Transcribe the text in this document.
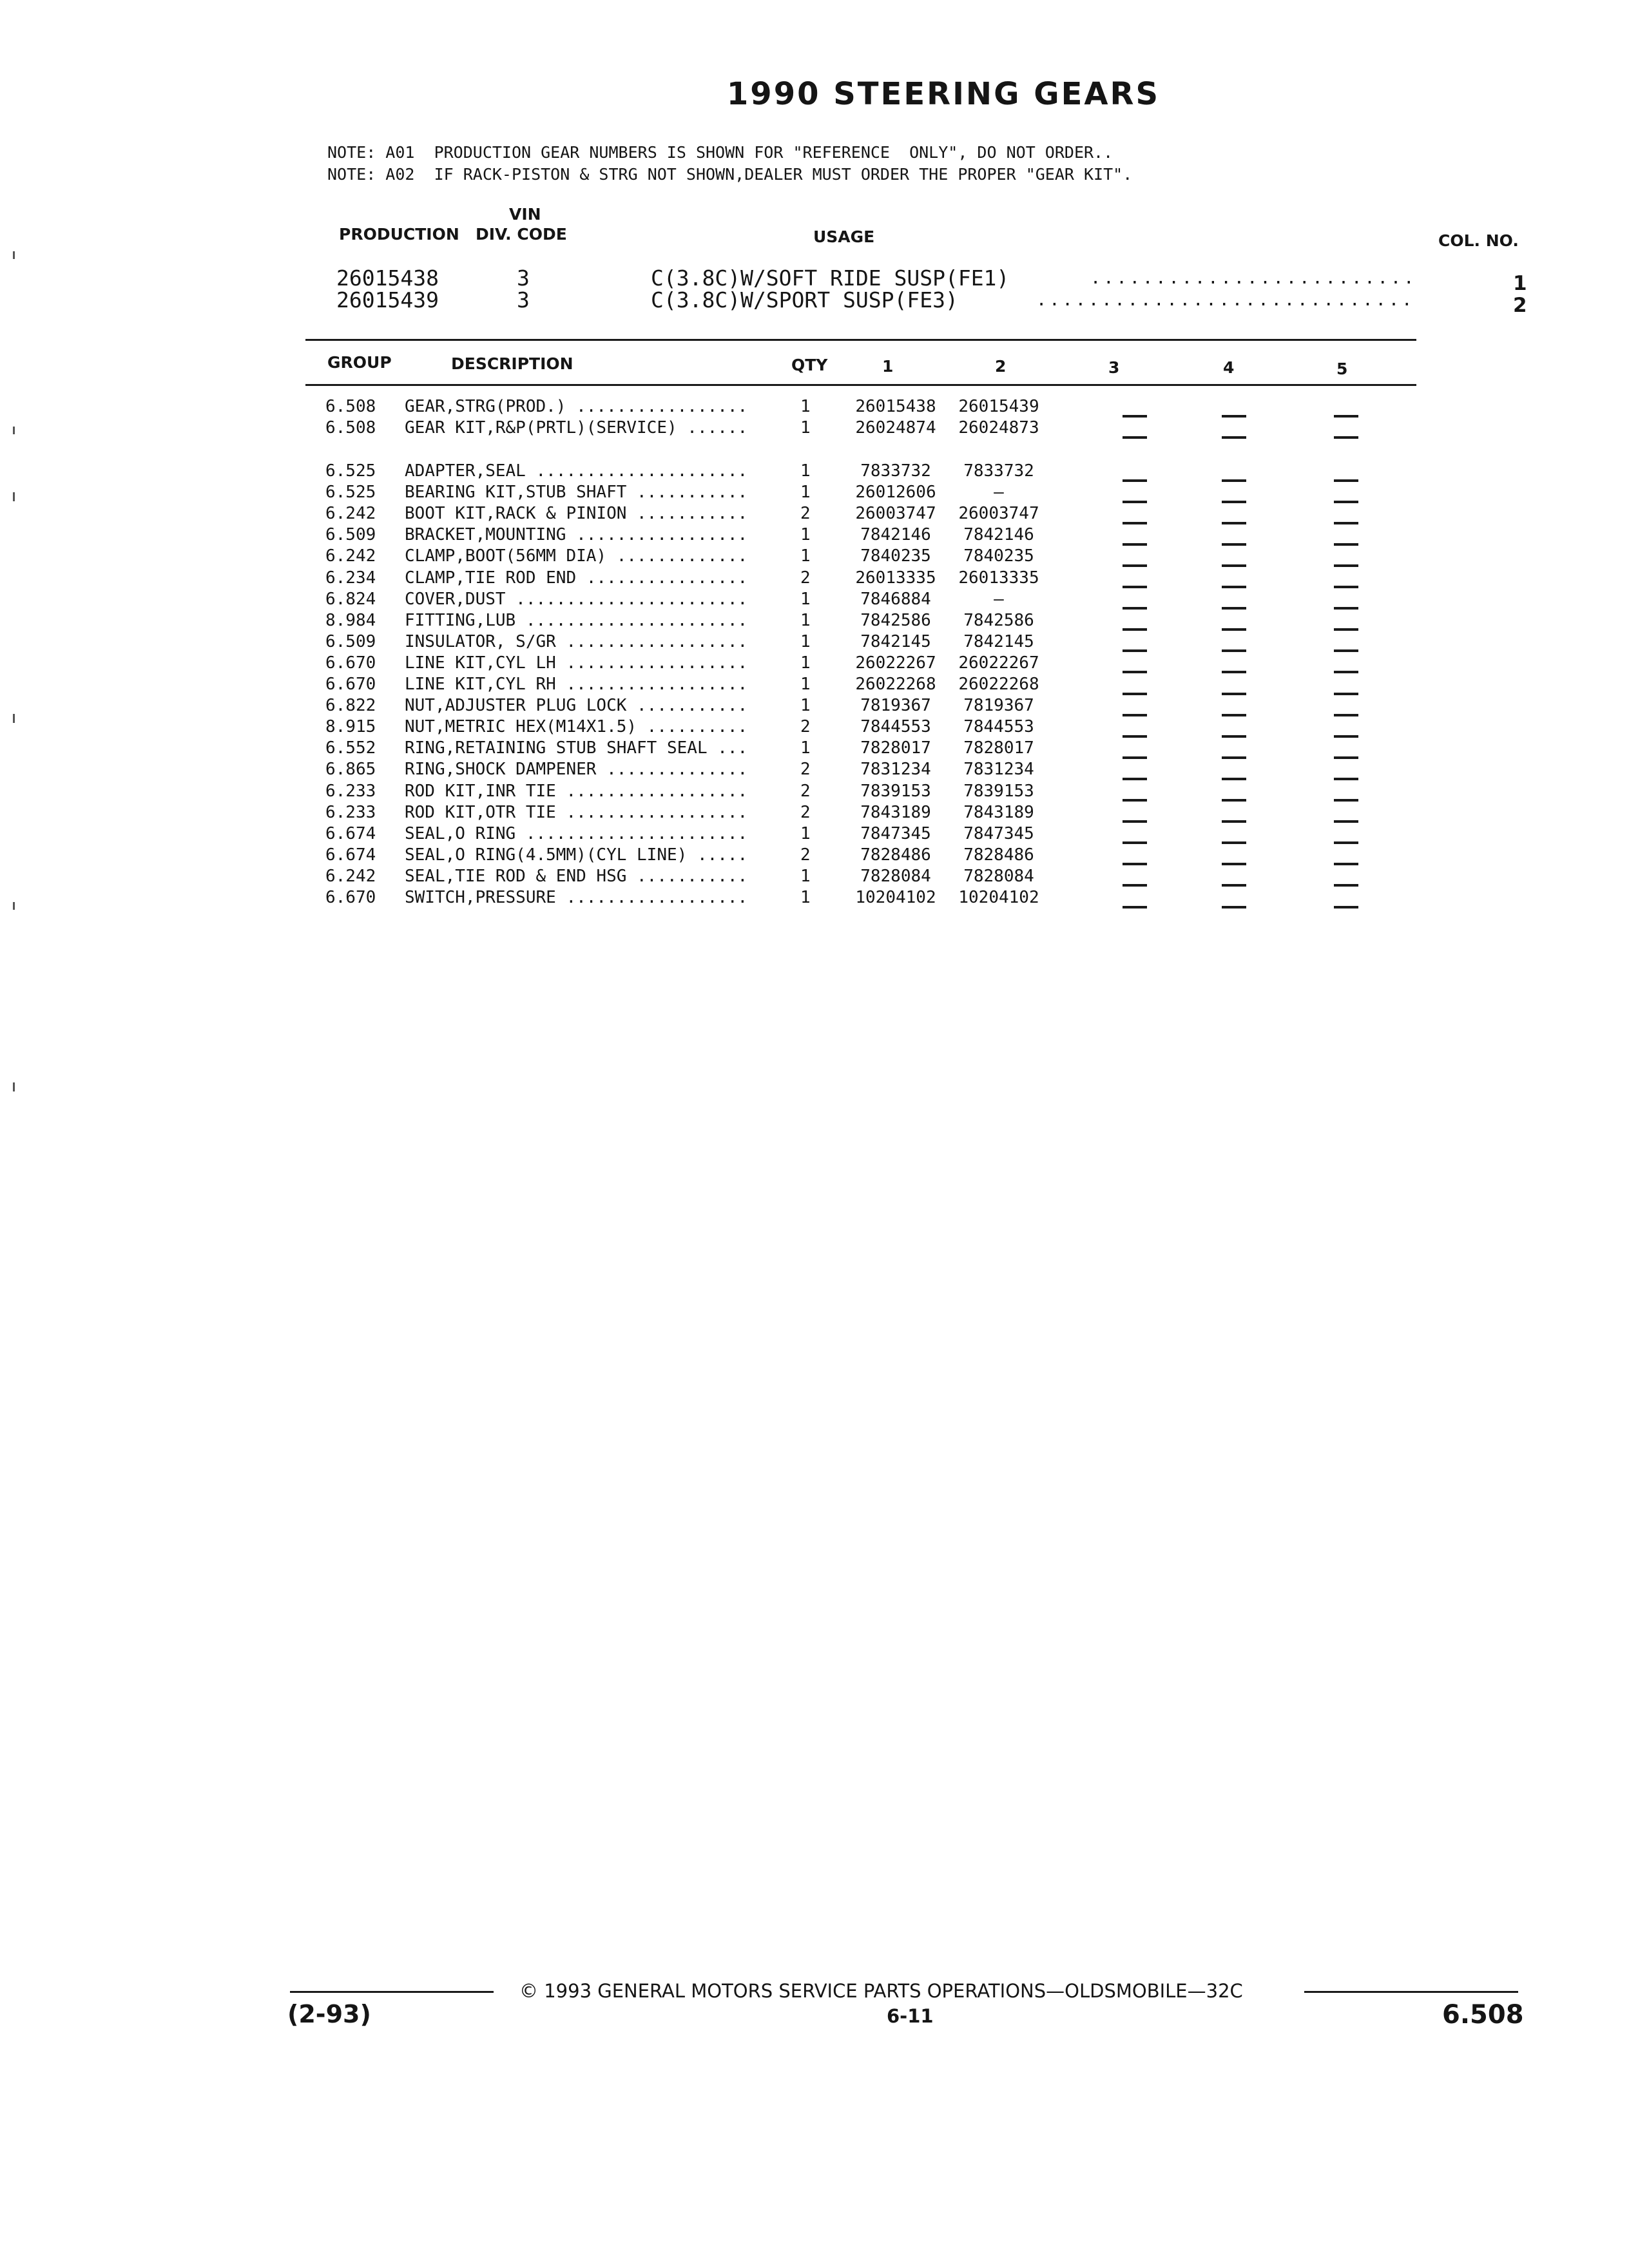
1990 STEERING GEARS
NOTE: A01  PRODUCTION GEAR NUMBERS IS SHOWN FOR "REFERENCE  ONLY", DO NOT ORDER..
NOTE: A02  IF RACK-PISTON & STRG NOT SHOWN,DEALER MUST ORDER THE PROPER "GEAR KIT".
VIN
PRODUCTION DIV. CODE	USAGE	COL. NO.
26015438	3	C(3.8C)W/SOFT RIDE SUSP(FE1)	.........................	1
26015439	3	C(3.8C)W/SPORT SUSP(FE3)	.............................	2
GROUP	DESCRIPTION	QTY	1	2	3	4	5
6.508 GEAR,STRG(PROD.) .................	1	26015438	26015439
6.508 GEAR KIT,R&P(PRTL)(SERVICE) ......	1	26024874	26024873
6.525 ADAPTER,SEAL .....................	1	7833732	7833732
6.525 BEARING KIT,STUB SHAFT ...........	1	26012606	—
6.242 BOOT KIT,RACK & PINION ...........	2	26003747	26003747
6.509 BRACKET,MOUNTING .................	1	7842146	7842146
6.242 CLAMP,BOOT(56MM DIA) .............	1	7840235	7840235
6.234 CLAMP,TIE ROD END ................	2	26013335	26013335
6.824 COVER,DUST .......................	1	7846884	—
8.984 FITTING,LUB ......................	1	7842586	7842586
6.509 INSULATOR, S/GR ..................	1	7842145	7842145
6.670 LINE KIT,CYL LH ..................	1	26022267	26022267
6.670 LINE KIT,CYL RH ..................	1	26022268	26022268
6.822 NUT,ADJUSTER PLUG LOCK ...........	1	7819367	7819367
8.915 NUT,METRIC HEX(M14X1.5) ..........	2	7844553	7844553
6.552 RING,RETAINING STUB SHAFT SEAL ...	1	7828017	7828017
6.865 RING,SHOCK DAMPENER ..............	2	7831234	7831234
6.233 ROD KIT,INR TIE ..................	2	7839153	7839153
6.233 ROD KIT,OTR TIE ..................	2	7843189	7843189
6.674 SEAL,O RING ......................	1	7847345	7847345
6.674 SEAL,O RING(4.5MM)(CYL LINE) .....	2	7828486	7828486
6.242 SEAL,TIE ROD & END HSG ...........	1	7828084	7828084
6.670 SWITCH,PRESSURE ..................	1	10204102	10204102
© 1993 GENERAL MOTORS SERVICE PARTS OPERATIONS—OLDSMOBILE—32C
(2-93)	6-11	6.508
